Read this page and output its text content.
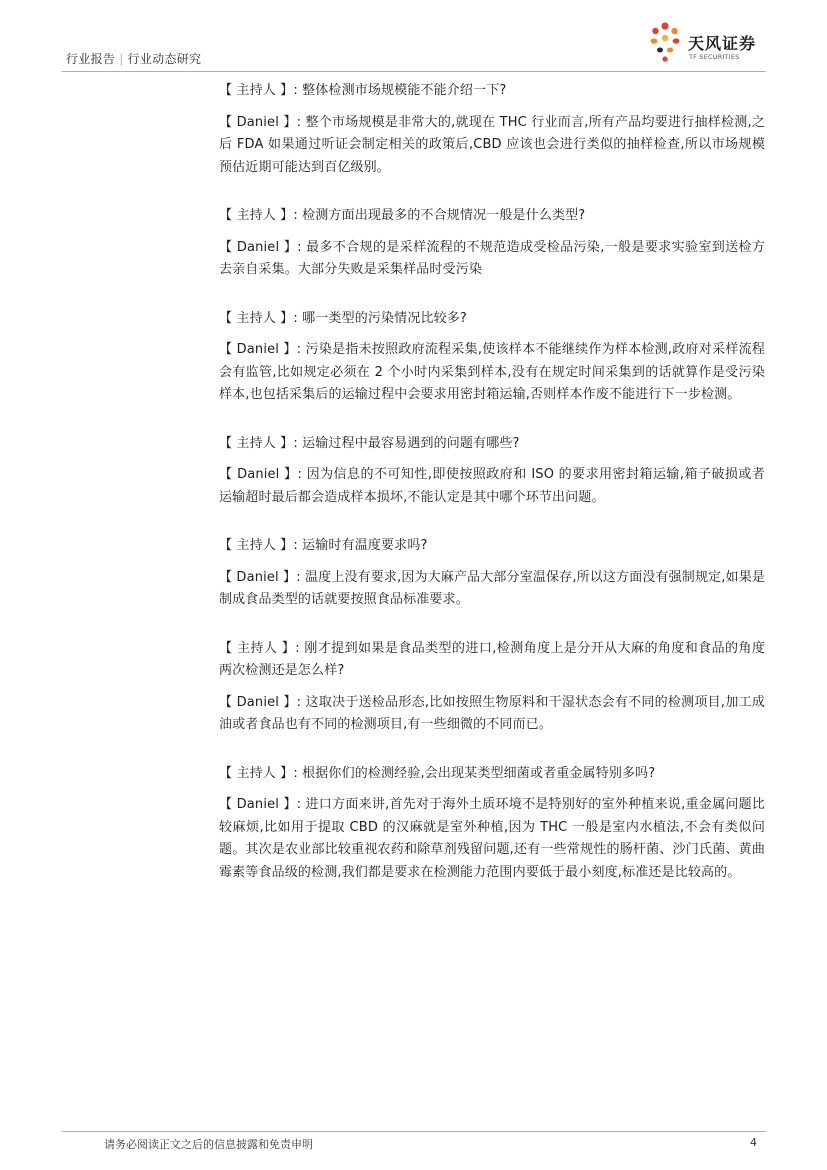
行业报告 | 行业动态研究
天风证券
TF SECURITIES

【 主持人 】: 整体检测市场规模能不能介绍一下?

【 Daniel 】: 整个市场规模是非常大的,就现在 THC 行业而言,所有产品均要进行抽样检测,之后 FDA 如果通过听证会制定相关的政策后,CBD 应该也会进行类似的抽样检查,所以市场规模预估近期可能达到百亿级别。

【 主持人 】: 检测方面出现最多的不合规情况一般是什么类型?

【 Daniel 】: 最多不合规的是采样流程的不规范造成受检品污染,一般是要求实验室到送检方去亲自采集。大部分失败是采集样品时受污染

【 主持人 】: 哪一类型的污染情况比较多?

【 Daniel 】: 污染是指未按照政府流程采集,使该样本不能继续作为样本检测,政府对采样流程会有监管,比如规定必须在 2 个小时内采集到样本,没有在规定时间采集到的话就算作是受污染样本,也包括采集后的运输过程中会要求用密封箱运输,否则样本作废不能进行下一步检测。

【 主持人 】: 运输过程中最容易遇到的问题有哪些?

【 Daniel 】: 因为信息的不可知性,即使按照政府和 ISO 的要求用密封箱运输,箱子破损或者运输超时最后都会造成样本损坏,不能认定是其中哪个环节出问题。

【 主持人 】: 运输时有温度要求吗?

【 Daniel 】: 温度上没有要求,因为大麻产品大部分室温保存,所以这方面没有强制规定,如果是制成食品类型的话就要按照食品标准要求。

【 主持人 】: 刚才提到如果是食品类型的进口,检测角度上是分开从大麻的角度和食品的角度两次检测还是怎么样?

【 Daniel 】: 这取决于送检品形态,比如按照生物原料和干湿状态会有不同的检测项目,加工成油或者食品也有不同的检测项目,有一些细微的不同而已。

【 主持人 】: 根据你们的检测经验,会出现某类型细菌或者重金属特别多吗?

【 Daniel 】: 进口方面来讲,首先对于海外土质环境不是特别好的室外种植来说,重金属问题比较麻烦,比如用于提取 CBD 的汉麻就是室外种植,因为 THC 一般是室内水植法,不会有类似问题。其次是农业部比较重视农药和除草剂残留问题,还有一些常规性的肠杆菌、沙门氏菌、黄曲霉素等食品级的检测,我们都是要求在检测能力范围内要低于最小刻度,标准还是比较高的。

请务必阅读正文之后的信息披露和免责申明	4
